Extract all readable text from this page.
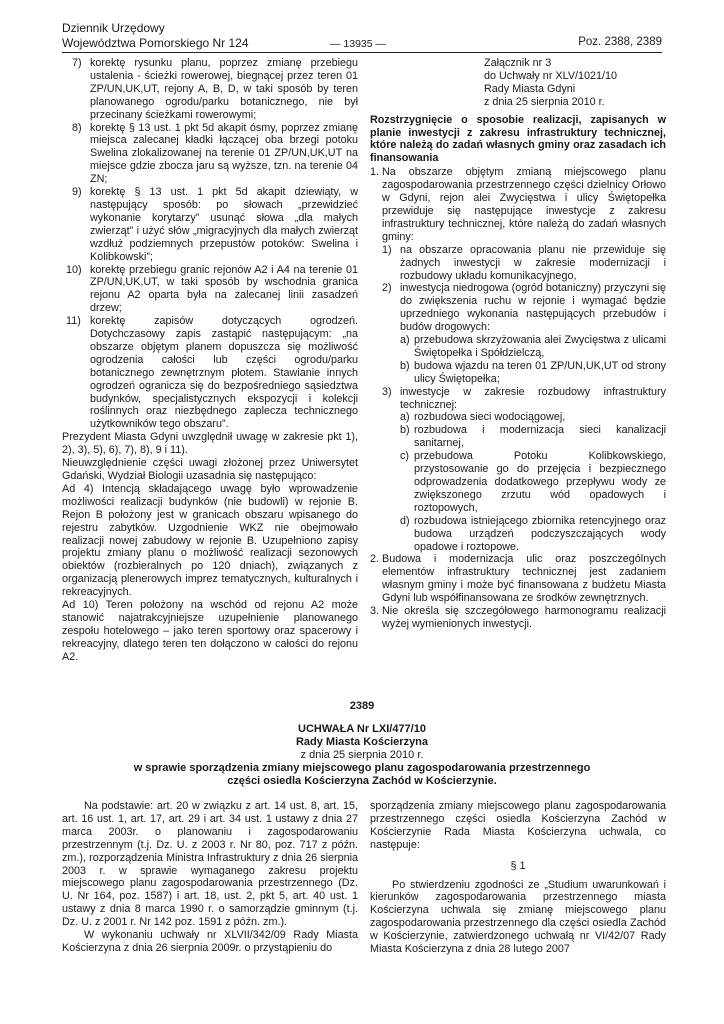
Dziennik Urzędowy
Województwa Pomorskiego Nr 124	— 13935 —	Poz. 2388, 2389
7) korektę rysunku planu, poprzez zmianę przebiegu ustalenia - ścieżki rowerowej, biegnącej przez teren 01 ZP/UN,UK,UT, rejony A, B, D, w taki sposób by teren planowanego ogrodu/parku botanicznego, nie był przecinany ścieżkami rowerowymi;
8) korektę § 13 ust. 1 pkt 5d akapit ósmy, poprzez zmianę miejsca zalecanej kładki łączącej oba brzegi potoku Swelina zlokalizowanej na terenie 01 ZP/UN,UK,UT na miejsce gdzie zbocza jaru są wyższe, tzn. na terenie 04 ZN;
9) korektę § 13 ust. 1 pkt 5d akapit dziewiąty, w następujący sposób: po słowach „przewidzieć wykonanie korytarzy” usunąć słowa „dla małych zwierząt” i użyć słów „migracyjnych dla małych zwierząt wzdłuż podziemnych przepustów potoków: Swelina i Kolibkowski”;
10) korektę przebiegu granic rejonów A2 i A4 na terenie 01 ZP/UN,UK,UT, w taki sposób by wschodnia granica rejonu A2 oparta była na zalecanej linii zasadzeń drzew;
11) korektę zapisów dotyczących ogrodzeń. Dotychczasowy zapis zastąpić następującym: „na obszarze objętym planem dopuszcza się możliwość ogrodzenia całości lub części ogrodu/parku botanicznego zewnętrznym płotem. Stawianie innych ogrodzeń ogranicza się do bezpośredniego sąsiedztwa budynków, specjalistycznych ekspozycji i kolekcji roślinnych oraz niezbędnego zaplecza technicznego użytkowników tego obszaru”.

Prezydent Miasta Gdyni uwzględnił uwagę w zakresie pkt 1), 2), 3), 5), 6), 7), 8), 9 i 11).

Nieuwzględnienie części uwagi złożonej przez Uniwersytet Gdański, Wydział Biologii uzasadnia się następująco:

Ad 4) Intencją składającego uwagę było wprowadzenie możliwości realizacji budynków (nie budowli) w rejonie B. Rejon B położony jest w granicach obszaru wpisanego do rejestru zabytków. Uzgodnienie WKZ nie obejmowało realizacji nowej zabudowy w rejonie B. Uzupełniono zapisy projektu zmiany planu o możliwość realizacji sezonowych obiektów (rozbieralnych po 120 dniach), związanych z organizacją plenerowych imprez tematycznych, kulturalnych i rekreacyjnych.

Ad 10) Teren położony na wschód od rejonu A2 może stanowić najatrakcyjniejsze uzupełnienie planowanego zespołu hotelowego – jako teren sportowy oraz spacerowy i rekreacyjny, dlatego teren ten dołączono w całości do rejonu A2.

Załącznik nr 3
do Uchwały nr XLV/1021/10
Rady Miasta Gdyni
z dnia 25 sierpnia 2010 r.

Rozstrzygnięcie o sposobie realizacji, zapisanych w planie inwestycji z zakresu infrastruktury technicznej, które należą do zadań własnych gminy oraz zasadach ich finansowania

1. Na obszarze objętym zmianą miejscowego planu zagospodarowania przestrzennego części dzielnicy Orłowo w Gdyni, rejon alei Zwycięstwa i ulicy Świętopełka przewiduje się następujące inwestycje z zakresu infrastruktury technicznej, które należą do zadań własnych gminy:
1) na obszarze opracowania planu nie przewiduje się żadnych inwestycji w zakresie modernizacji i rozbudowy układu komunikacyjnego,
2) inwestycja niedrogowa (ogród botaniczny) przyczyni się do zwiększenia ruchu w rejonie i wymagać będzie uprzedniego wykonania następujących przebudów i budów drogowych:
a) przebudowa skrzyżowania alei Zwycięstwa z ulicami Świętopełka i Spółdzielczą,
b) budowa wjazdu na teren 01 ZP/UN,UK,UT od strony ulicy Świętopełka;
3) inwestycje w zakresie rozbudowy infrastruktury technicznej:
a) rozbudowa sieci wodociągowej,
b) rozbudowa i modernizacja sieci kanalizacji sanitarnej,
c) przebudowa Potoku Kolibkowskiego, przystosowanie go do przejęcia i bezpiecznego odprowadzenia dodatkowego przepływu wody ze zwiększonego zrzutu wód opadowych i roztopowych,
d) rozbudowa istniejącego zbiornika retencyjnego oraz budowa urządzeń podczyszczających wody opadowe i roztopowe.
2. Budowa i modernizacja ulic oraz poszczególnych elementów infrastruktury technicznej jest zadaniem własnym gminy i może być finansowana z budżetu Miasta Gdyni lub współfinansowana ze środków zewnętrznych.
3. Nie określa się szczegółowego harmonogramu realizacji wyżej wymienionych inwestycji.
2389
UCHWAŁA Nr LXI/477/10
Rady Miasta Kościerzyna
z dnia 25 sierpnia 2010 r.
w sprawie sporządzenia zmiany miejscowego planu zagospodarowania przestrzennego
części osiedla Kościerzyna Zachód w Kościerzynie.

Na podstawie: art. 20 w związku z art. 14 ust. 8, art. 15, art. 16 ust. 1, art. 17, art. 29 i art. 34 ust. 1 ustawy z dnia 27 marca 2003r. o planowaniu i zagospodarowaniu przestrzennym (t.j. Dz. U. z 2003 r. Nr 80, poz. 717 z późn. zm.), rozporządzenia Ministra Infrastruktury z dnia 26 sierpnia 2003 r. w sprawie wymaganego zakresu projektu miejscowego planu zagospodarowania przestrzennego (Dz. U. Nr 164, poz. 1587) i art. 18, ust. 2, pkt 5, art. 40 ust. 1 ustawy z dnia 8 marca 1990 r. o samorządzie gminnym (t.j. Dz. U. z 2001 r. Nr 142 poz. 1591 z późn. zm.).

W wykonaniu uchwały nr XLVII/342/09 Rady Miasta Kościerzyna z dnia 26 sierpnia 2009r. o przystąpieniu do

sporządzenia zmiany miejscowego planu zagospodarowania przestrzennego części osiedla Kościerzyna Zachód w Kościerzynie Rada Miasta Kościerzyna uchwala, co następuje:

§ 1

Po stwierdzeniu zgodności ze „Studium uwarunkowań i kierunków zagospodarowania przestrzennego miasta Kościerzyna uchwala się zmianę miejscowego planu zagospodarowania przestrzennego dla części osiedla Zachód w Kościerzynie, zatwierdzonego uchwałą nr VI/42/07 Rady Miasta Kościerzyna z dnia 28 lutego 2007
